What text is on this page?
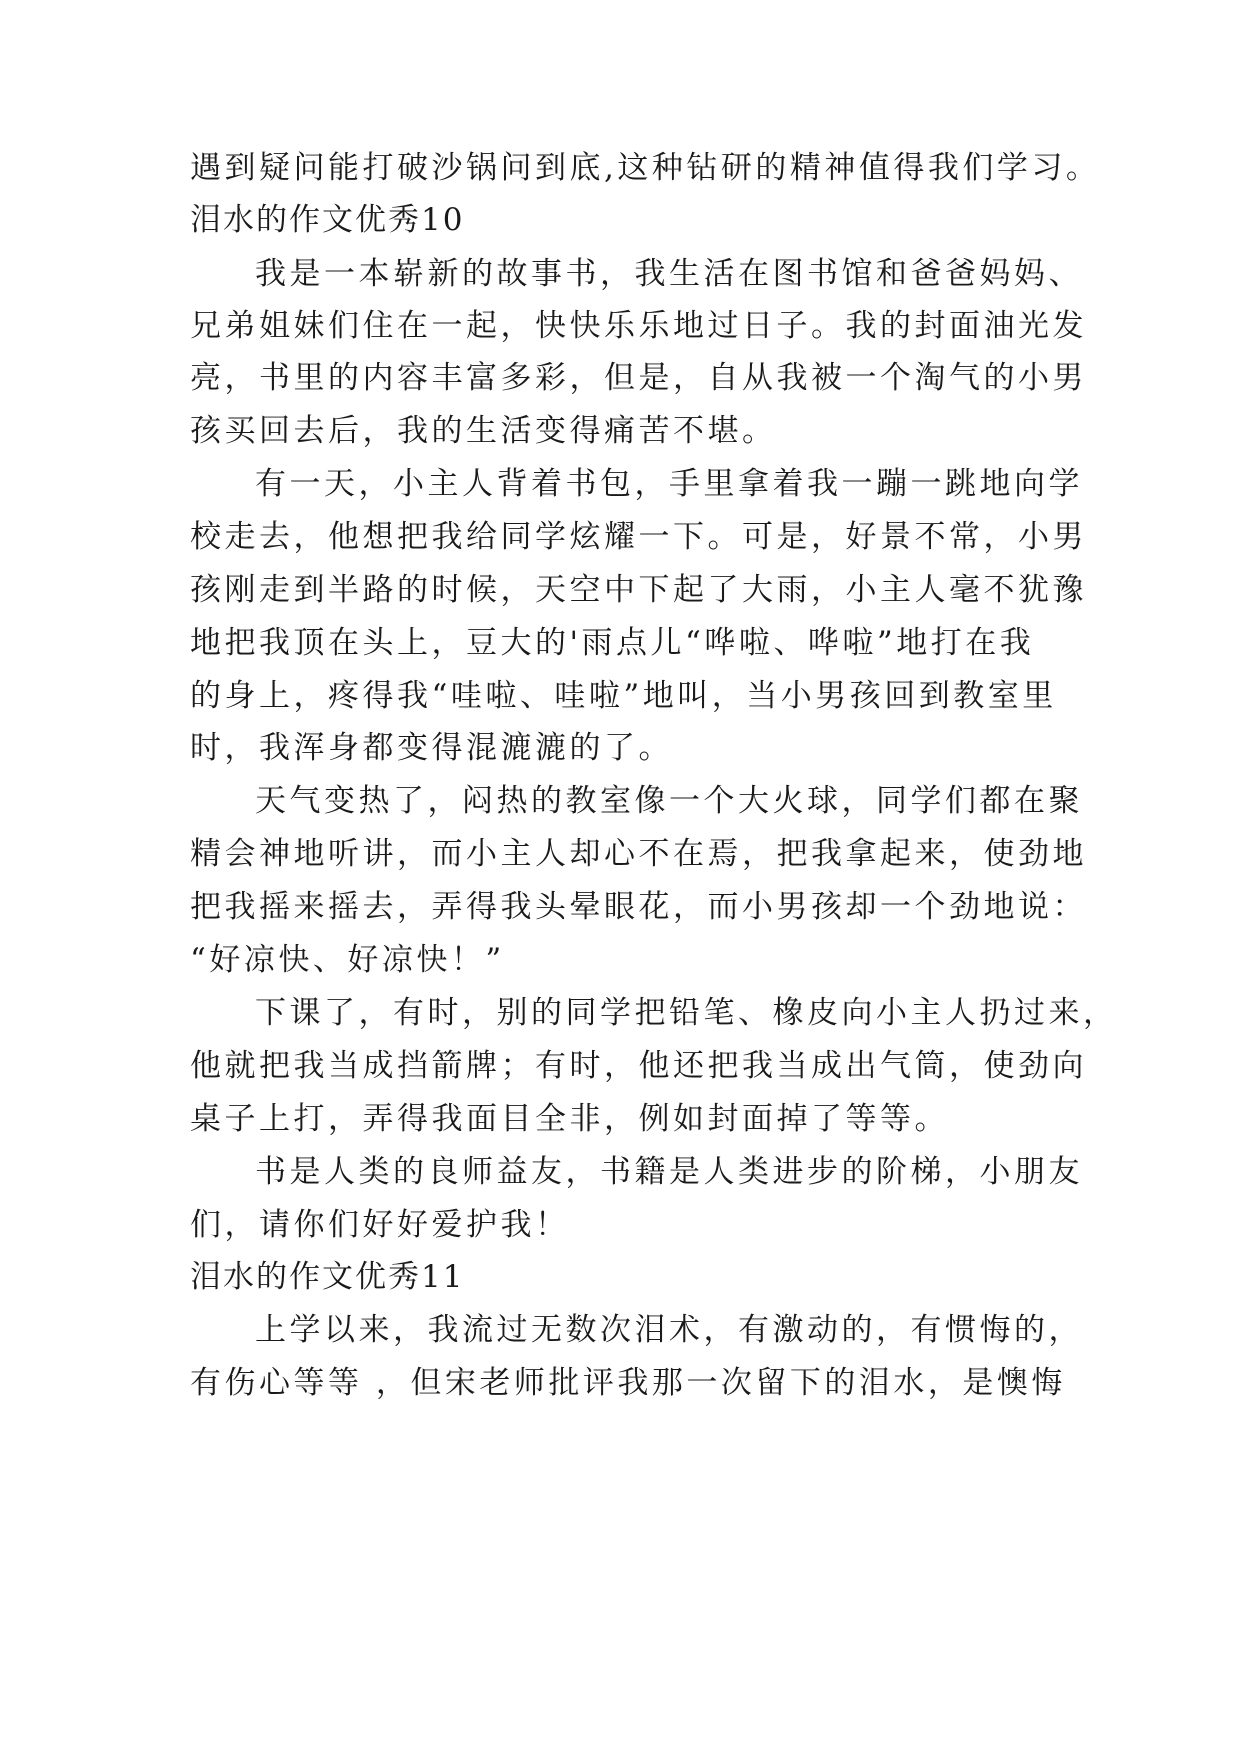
遇到疑问能打破沙锅问到底,这种钻研的精神值得我们学习。
泪水的作文优秀10
我是一本崭新的故事书，我生活在图书馆和爸爸妈妈、
兄弟姐妹们住在一起，快快乐乐地过日子。我的封面油光发
亮，书里的内容丰富多彩，但是，自从我被一个淘气的小男
孩买回去后，我的生活变得痛苦不堪。
有一天，小主人背着书包，手里拿着我一蹦一跳地向学
校走去，他想把我给同学炫耀一下。可是，好景不常，小男
孩刚走到半路的时候，天空中下起了大雨，小主人毫不犹豫
地把我顶在头上，豆大的'雨点儿“哗啦、哗啦”地打在我
的身上，疼得我“哇啦、哇啦”地叫，当小男孩回到教室里
时，我浑身都变得混漉漉的了。
天气变热了，闷热的教室像一个大火球，同学们都在聚
精会神地听讲，而小主人却心不在焉，把我拿起来，使劲地
把我摇来摇去，弄得我头晕眼花，而小男孩却一个劲地说：
“好凉快、好凉快！”
下课了，有时，别的同学把铅笔、橡皮向小主人扔过来，
他就把我当成挡箭牌；有时，他还把我当成出气筒，使劲向
桌子上打，弄得我面目全非，例如封面掉了等等。
书是人类的良师益友，书籍是人类进步的阶梯，小朋友
们，请你们好好爱护我！
泪水的作文优秀11
上学以来，我流过无数次泪术，有激动的，有惯悔的，
有伤心等等 ，但宋老师批评我那一次留下的泪水，是懊悔
